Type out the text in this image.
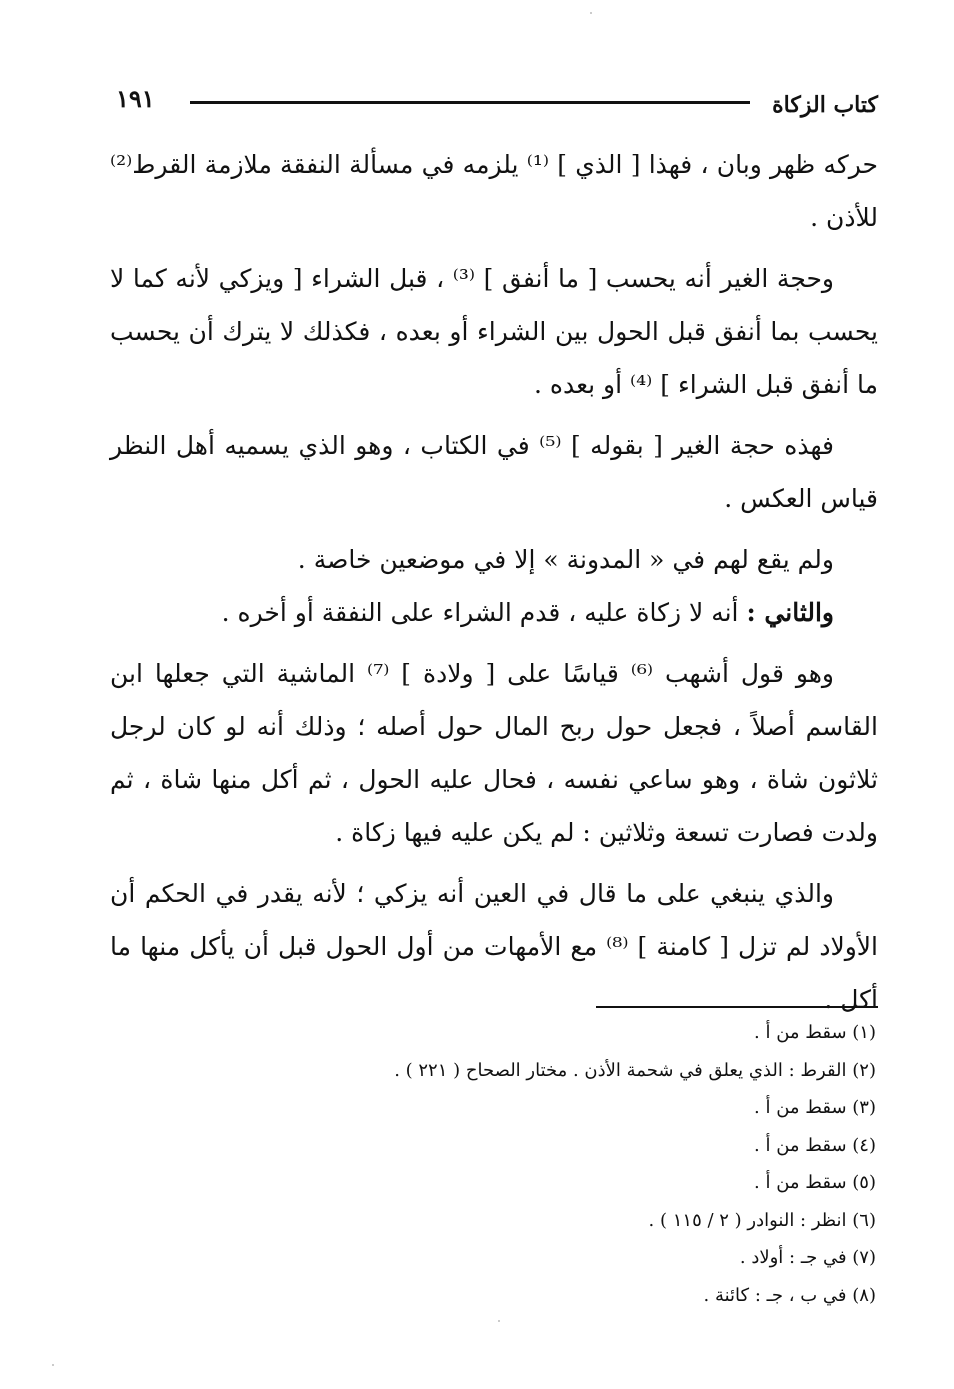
كتاب الزكاة
١٩١

حركه ظهر وبان ، فهذا [ الذي ] ⁽¹⁾ يلزمه في مسألة النفقة ملازمة القرط⁽²⁾ للأذن .

وحجة الغير أنه يحسب [ ما أنفق ] ⁽³⁾ ، قبل الشراء [ ويزكي لأنه كما لا يحسب بما أنفق قبل الحول بين الشراء أو بعده ، فكذلك لا يترك أن يحسب ما أنفق قبل الشراء ] ⁽⁴⁾ أو بعده .

فهذه حجة الغير [ بقوله ] ⁽⁵⁾ في الكتاب ، وهو الذي يسميه أهل النظر قياس العكس .

ولم يقع لهم في « المدونة » إلا في موضعين خاصة .

والثاني : أنه لا زكاة عليه ، قدم الشراء على النفقة أو أخره .

وهو قول أشهب ⁽⁶⁾ قياسًا على [ ولادة ] ⁽⁷⁾ الماشية التي جعلها ابن القاسم أصلاً ، فجعل حول ربح المال حول أصله ؛ وذلك أنه لو كان لرجل ثلاثون شاة ، وهو ساعي نفسه ، فحال عليه الحول ، ثم أكل منها شاة ، ثم ولدت فصارت تسعة وثلاثين : لم يكن عليه فيها زكاة .

والذي ينبغي على ما قال في العين أنه يزكي ؛ لأنه يقدر في الحكم أن الأولاد لم تزل [ كامنة ] ⁽⁸⁾ مع الأمهات من أول الحول قبل أن يأكل منها ما أكل .

(١) سقط من أ .
(٢) القرط : الذي يعلق في شحمة الأذن . مختار الصحاح ( ٢٢١ ) .
(٣) سقط من أ .
(٤) سقط من أ .
(٥) سقط من أ .
(٦) انظر : النوادر ( ٢ / ١١٥ ) .
(٧) في جـ : أولاد .
(٨) في ب ، جـ : كائنة .
